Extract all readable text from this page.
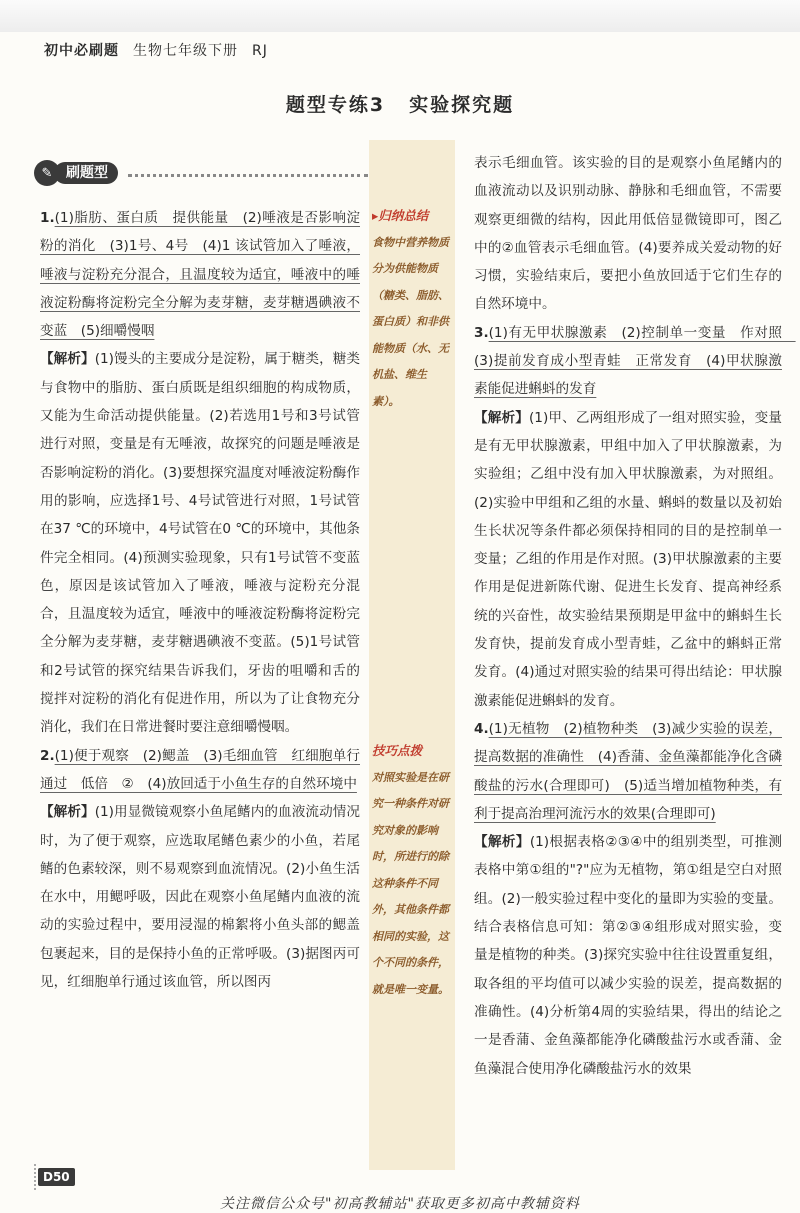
初中必刷题 生物七年级下册 RJ
题型专练3 实验探究题
✎ 刷题型
▸归纳总结
食物中营养物质分为供能物质（糖类、脂肪、蛋白质）和非供能物质（水、无机盐、维生素）。
技巧点拨
对照实验是在研究一种条件对研究对象的影响时，所进行的除这种条件不同外，其他条件都相同的实验，这个不同的条件，就是唯一变量。

1.(1)脂肪、蛋白质　提供能量　(2)唾液是否影响淀粉的消化　(3)1号、4号　(4)1 该试管加入了唾液，唾液与淀粉充分混合，且温度较为适宜，唾液中的唾液淀粉酶将淀粉完全分解为麦芽糖，麦芽糖遇碘液不变蓝　(5)细嚼慢咽

【解析】(1)馒头的主要成分是淀粉，属于糖类，糖类与食物中的脂肪、蛋白质既是组织细胞的构成物质，又能为生命活动提供能量。(2)若选用1号和3号试管进行对照，变量是有无唾液，故探究的问题是唾液是否影响淀粉的消化。(3)要想探究温度对唾液淀粉酶作用的影响，应选择1号、4号试管进行对照，1号试管在37 ℃的环境中，4号试管在0 ℃的环境中，其他条件完全相同。(4)预测实验现象，只有1号试管不变蓝色，原因是该试管加入了唾液，唾液与淀粉充分混合，且温度较为适宜，唾液中的唾液淀粉酶将淀粉完全分解为麦芽糖，麦芽糖遇碘液不变蓝。(5)1号试管和2号试管的探究结果告诉我们，牙齿的咀嚼和舌的搅拌对淀粉的消化有促进作用，所以为了让食物充分消化，我们在日常进餐时要注意细嚼慢咽。

2.(1)便于观察　(2)鳃盖　(3)毛细血管　红细胞单行通过　低倍　②　(4)放回适于小鱼生存的自然环境中

【解析】(1)用显微镜观察小鱼尾鳍内的血液流动情况时，为了便于观察，应选取尾鳍色素少的小鱼，若尾鳍的色素较深，则不易观察到血流情况。(2)小鱼生活在水中，用鳃呼吸，因此在观察小鱼尾鳍内血液的流动的实验过程中，要用浸湿的棉絮将小鱼头部的鳃盖包裹起来，目的是保持小鱼的正常呼吸。(3)据图丙可见，红细胞单行通过该血管，所以图丙

表示毛细血管。该实验的目的是观察小鱼尾鳍内的血液流动以及识别动脉、静脉和毛细血管，不需要观察更细微的结构，因此用低倍显微镜即可，图乙中的②血管表示毛细血管。(4)要养成关爱动物的好习惯，实验结束后，要把小鱼放回适于它们生存的自然环境中。

3.(1)有无甲状腺激素　(2)控制单一变量　作对照　(3)提前发育成小型青蛙　正常发育　(4)甲状腺激素能促进蝌蚪的发育

【解析】(1)甲、乙两组形成了一组对照实验，变量是有无甲状腺激素，甲组中加入了甲状腺激素，为实验组；乙组中没有加入甲状腺激素，为对照组。(2)实验中甲组和乙组的水量、蝌蚪的数量以及初始生长状况等条件都必须保持相同的目的是控制单一变量；乙组的作用是作对照。(3)甲状腺激素的主要作用是促进新陈代谢、促进生长发育、提高神经系统的兴奋性，故实验结果预期是甲盆中的蝌蚪生长发育快，提前发育成小型青蛙，乙盆中的蝌蚪正常发育。(4)通过对照实验的结果可得出结论：甲状腺激素能促进蝌蚪的发育。

4.(1)无植物　(2)植物种类　(3)减少实验的误差，提高数据的准确性　(4)香蒲、金鱼藻都能净化含磷酸盐的污水(合理即可)　(5)适当增加植物种类，有利于提高治理河流污水的效果(合理即可)

【解析】(1)根据表格②③④中的组别类型，可推测表格中第①组的"?"应为无植物，第①组是空白对照组。(2)一般实验过程中变化的量即为实验的变量。结合表格信息可知：第②③④组形成对照实验，变量是植物的种类。(3)探究实验中往往设置重复组，取各组的平均值可以减少实验的误差，提高数据的准确性。(4)分析第4周的实验结果，得出的结论之一是香蒲、金鱼藻都能净化磷酸盐污水或香蒲、金鱼藻混合使用净化磷酸盐污水的效果

D50
关注微信公众号"初高教辅站"获取更多初高中教辅资料
